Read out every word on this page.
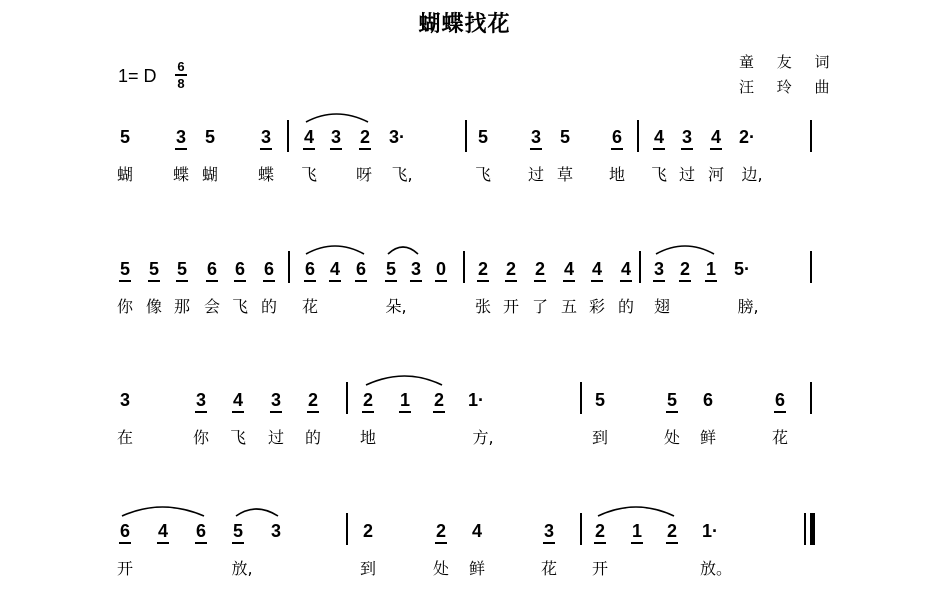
蝴蝶找花
1= D 6
8
童 友 词
汪 玲 曲
5	3 5	3 4 3 2 3·	5 3 5 6 4 3 4 2·
蝴 蝶 蝴 蝶 飞 呀 飞,	飞 过 草 地 飞 过 河 边,
5 5 5 6 6 6 6 4 6 5 3 0 2 2 2 4 4 4 3 2 1 5·
你 像 那 会 飞 的 花	朵,	张 开 了 五 彩 的 翅	膀,
3	3 4 3 2 2 1 2 1·	5	5 6	6
在	你 飞 过 的 地	方,	到	处 鲜	花
6 4 6 5 3	2	2 4	3 2 1 2 1·
开	放,	到	处 鲜	花 开	放。
